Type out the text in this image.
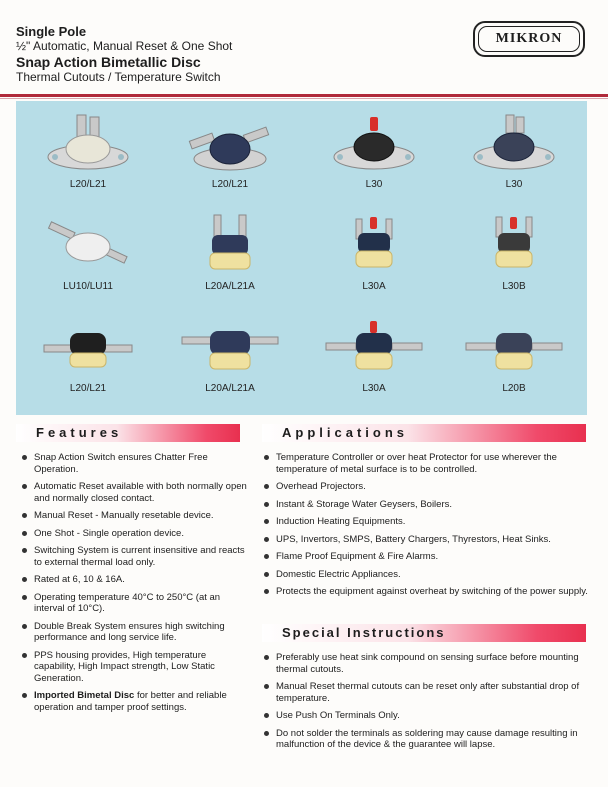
Single Pole
½" Automatic, Manual Reset & One Shot
Snap Action Bimetallic Disc
Thermal Cutouts / Temperature Switch
MIKRON
L20/L21	L20/L21	L30	L30
LU10/LU11	L20A/L21A	L30A	L30B
L20/L21	L20A/L21A	L30A	L20B
Features
Snap Action Switch ensures Chatter Free Operation.
Automatic Reset available with both normally open and normally closed contact.
Manual Reset - Manually resetable device.
One Shot - Single operation device.
Switching System is current insensitive and reacts to external thermal load only.
Rated at 6, 10 & 16A.
Operating temperature 40°C to 250°C (at an interval of 10°C).
Double Break System ensures high switching performance and long service life.
PPS housing provides, High temperature capability, High Impact strength, Low Static Generation.
Imported Bimetal Disc for better and reliable operation and tamper proof settings.
Applications
Temperature Controller or over heat Protector for use wherever the temperature of metal surface is to be controlled.
Overhead Projectors.
Instant & Storage Water Geysers, Boilers.
Induction Heating Equipments.
UPS, Invertors, SMPS, Battery Chargers, Thyrestors, Heat Sinks.
Flame Proof Equipment & Fire Alarms.
Domestic Electric Appliances.
Protects the equipment against overheat by switching of the power supply.
Special Instructions
Preferably use heat sink compound on sensing surface before mounting thermal cutouts.
Manual Reset thermal cutouts can be reset only after substantial drop of temperature.
Use Push On Terminals Only.
Do not solder the terminals as soldering may cause damage resulting in malfunction of the device & the guarantee will lapse.
